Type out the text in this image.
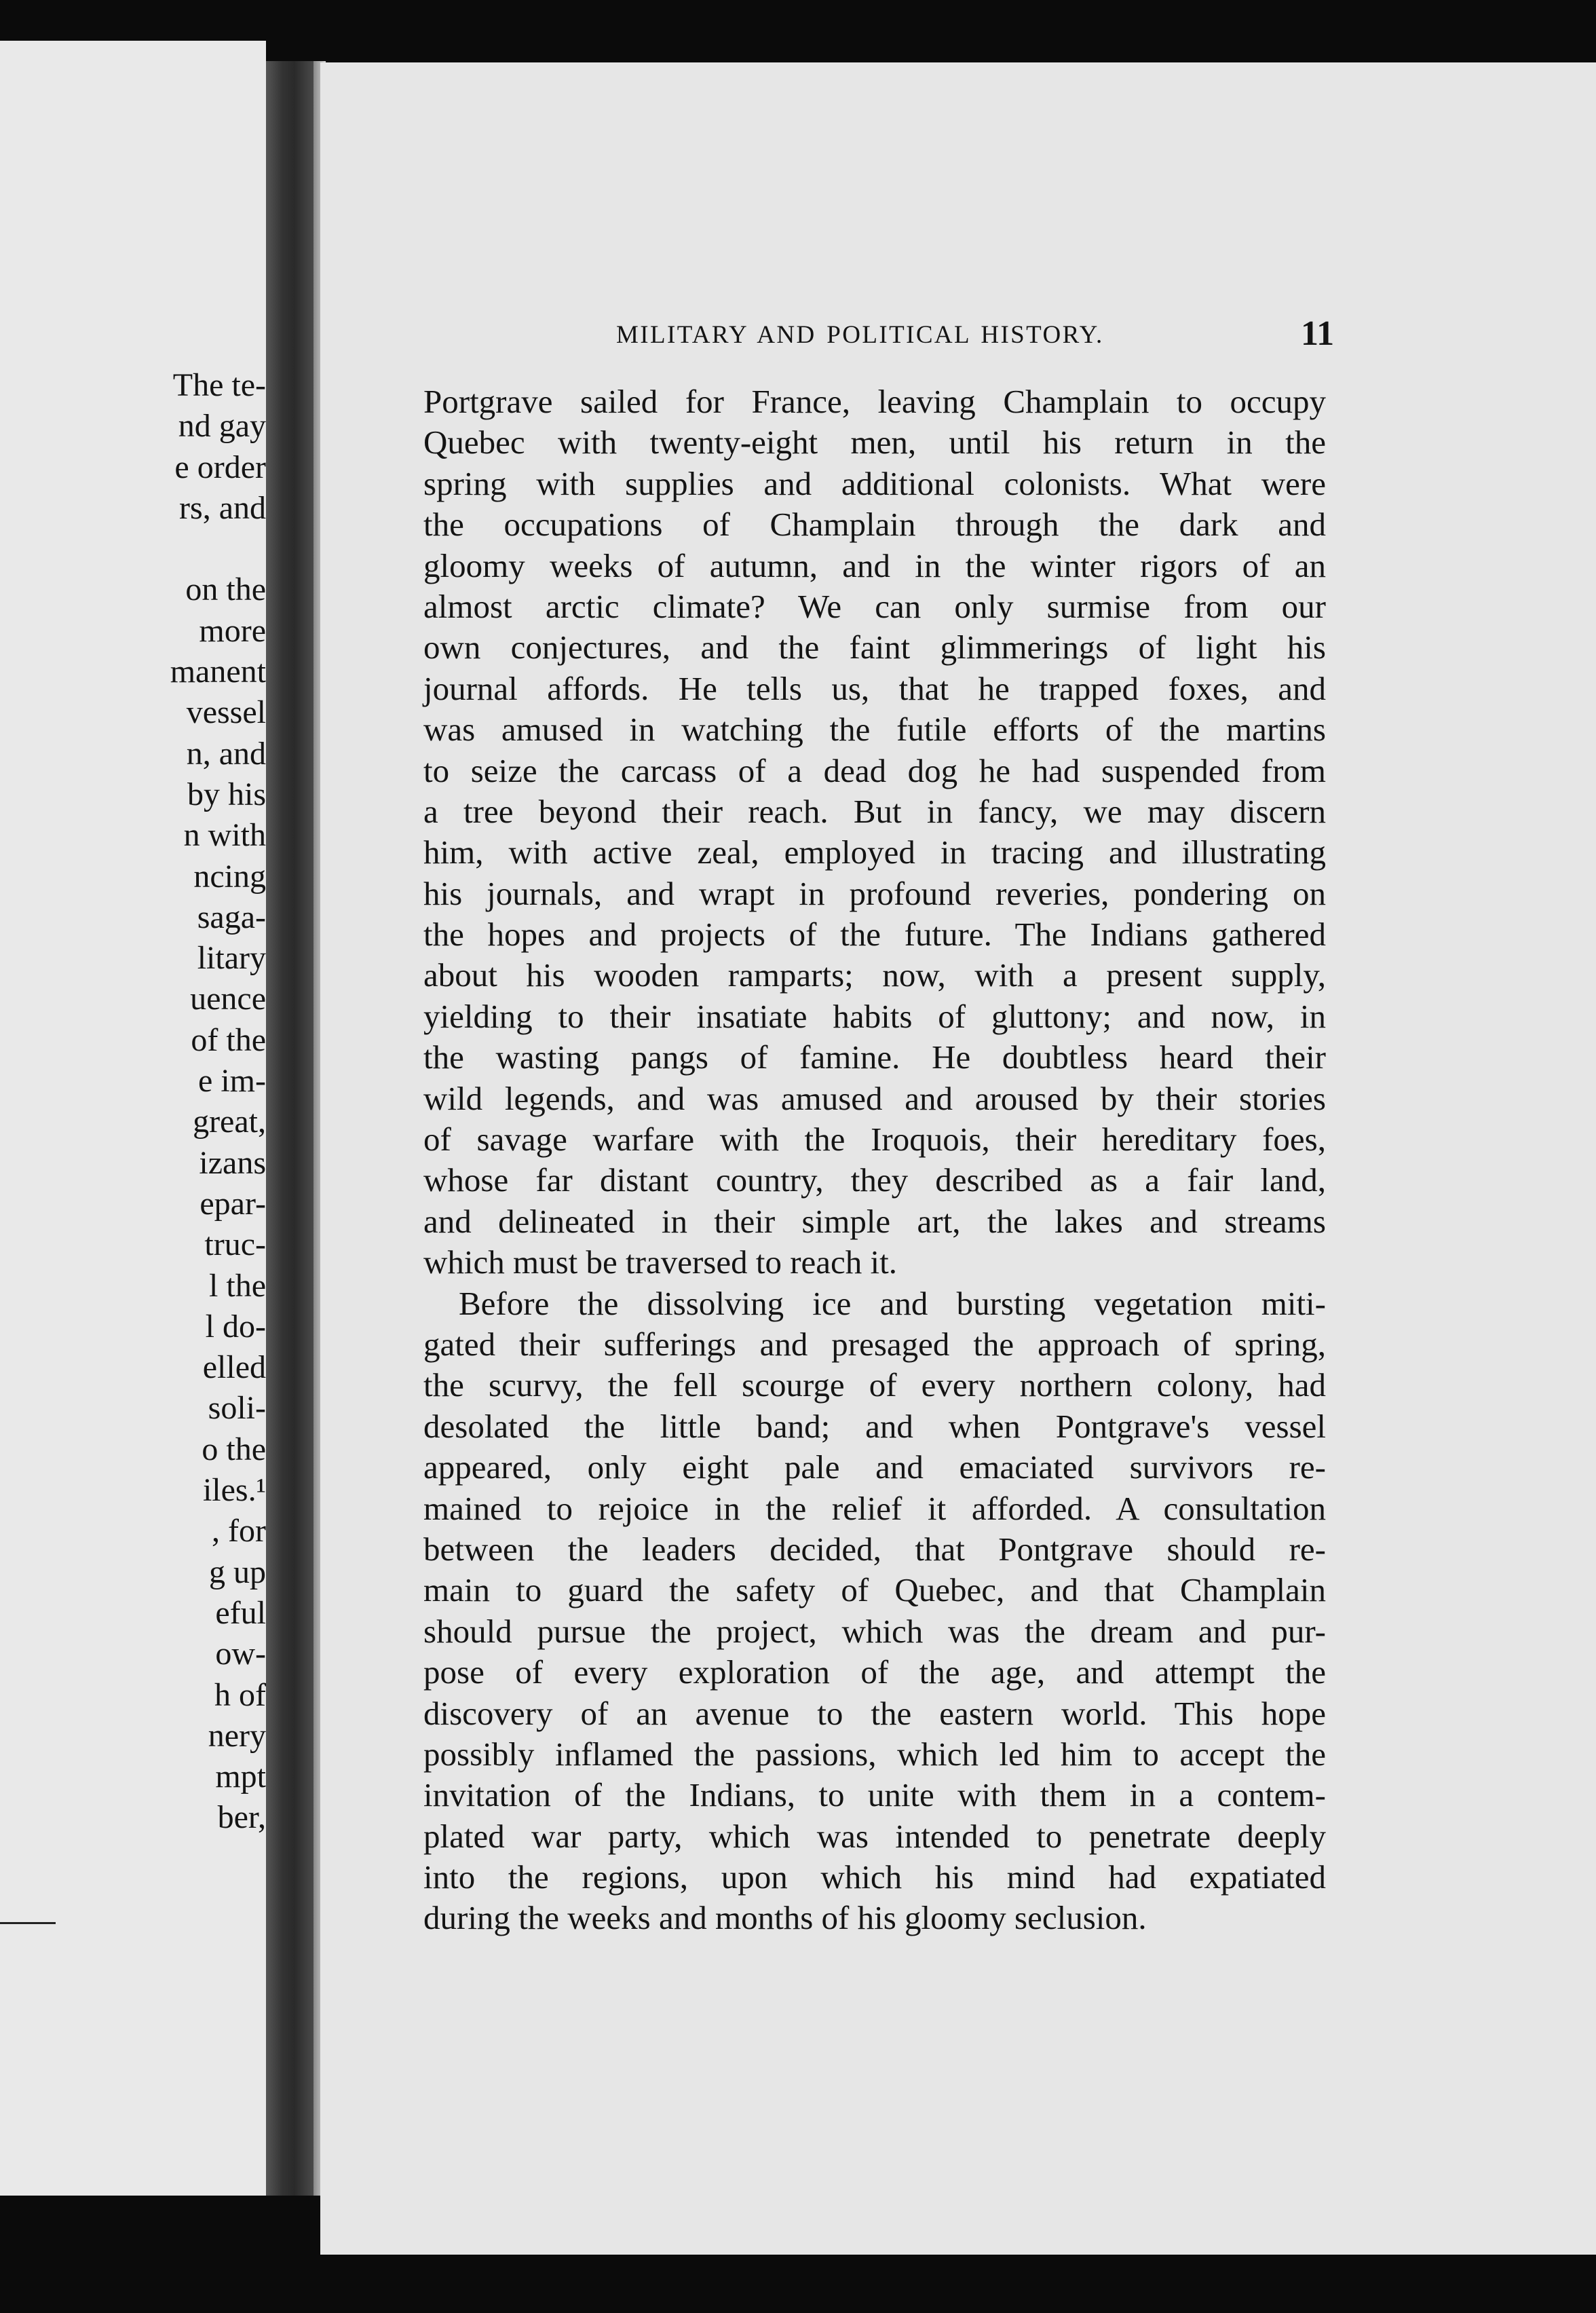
The te-
nd gay
e order
rs, and

on the
more
manent
vessel
n, and
by his
n with
ncing
saga-
litary
uence
of the
e im-
great,
izans
epar-
truc-
l the
l do-
elled
soli-
o the
iles.¹
, for
g up
eful
ow-
h of
nery
mpt
ber,
MILITARY AND POLITICAL HISTORY.	11
Portgrave sailed for France, leaving Champlain to occupy
Quebec with twenty-eight men, until his return in the
spring with supplies and additional colonists. What were
the occupations of Champlain through the dark and
gloomy weeks of autumn, and in the winter rigors of an
almost arctic climate? We can only surmise from our
own conjectures, and the faint glimmerings of light his
journal affords. He tells us, that he trapped foxes, and
was amused in watching the futile efforts of the martins
to seize the carcass of a dead dog he had suspended from
a tree beyond their reach. But in fancy, we may discern
him, with active zeal, employed in tracing and illustrating
his journals, and wrapt in profound reveries, pondering on
the hopes and projects of the future. The Indians gathered
about his wooden ramparts; now, with a present supply,
yielding to their insatiate habits of gluttony; and now, in
the wasting pangs of famine. He doubtless heard their
wild legends, and was amused and aroused by their stories
of savage warfare with the Iroquois, their hereditary foes,
whose far distant country, they described as a fair land,
and delineated in their simple art, the lakes and streams
which must be traversed to reach it.
Before the dissolving ice and bursting vegetation miti-
gated their sufferings and presaged the approach of spring,
the scurvy, the fell scourge of every northern colony, had
desolated the little band; and when Pontgrave's vessel
appeared, only eight pale and emaciated survivors re-
mained to rejoice in the relief it afforded. A consultation
between the leaders decided, that Pontgrave should re-
main to guard the safety of Quebec, and that Champlain
should pursue the project, which was the dream and pur-
pose of every exploration of the age, and attempt the
discovery of an avenue to the eastern world. This hope
possibly inflamed the passions, which led him to accept the
invitation of the Indians, to unite with them in a contem-
plated war party, which was intended to penetrate deeply
into the regions, upon which his mind had expatiated
during the weeks and months of his gloomy seclusion.
